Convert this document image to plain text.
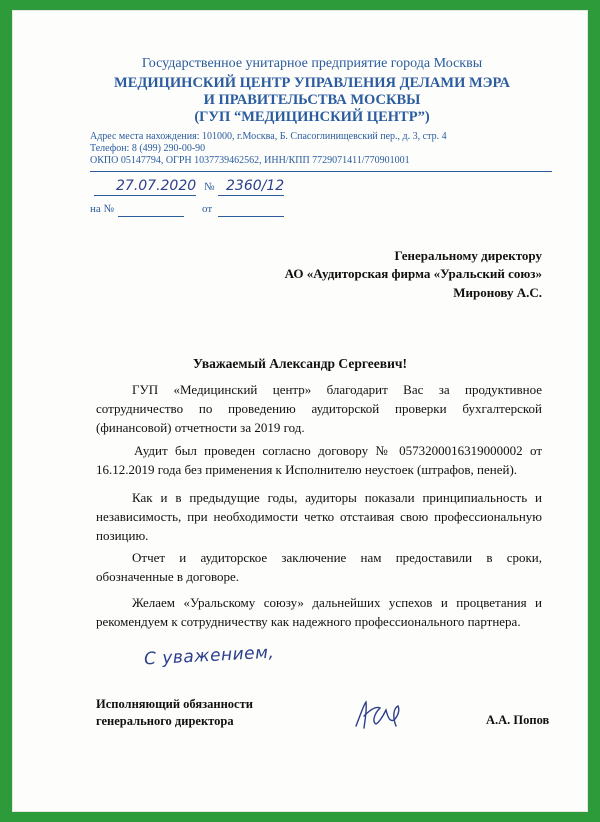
Государственное унитарное предприятие города Москвы
МЕДИЦИНСКИЙ ЦЕНТР УПРАВЛЕНИЯ ДЕЛАМИ МЭРА
И ПРАВИТЕЛЬСТВА МОСКВЫ
(ГУП “МЕДИЦИНСКИЙ ЦЕНТР”)
Адрес места нахождения: 101000, г.Москва, Б. Спасоглинищевский пер., д. 3, стр. 4
Телефон: 8 (499) 290-00-90
ОКПО 05147794, ОГРН 1037739462562, ИНН/КПП 7729071411/770901001
27.07.2020 № 2360/12
на №	от
Генеральному директору
АО «Аудиторская фирма «Уральский союз»
Миронову А.С.
Уважаемый Александр Сергеевич!
ГУП «Медицинский центр» благодарит Вас за продуктивное сотрудничество по проведению аудиторской проверки бухгалтерской (финансовой) отчетности за 2019 год.
Аудит был проведен согласно договору № 0573200016319000002 от 16.12.2019 года без применения к Исполнителю неустоек (штрафов, пеней).
Как и в предыдущие годы, аудиторы показали принципиальность и независимость, при необходимости четко отстаивая свою профессиональную позицию.
Отчет и аудиторское заключение нам предоставили в сроки, обозначенные в договоре.
Желаем «Уральскому союзу» дальнейших успехов и процветания и рекомендуем к сотрудничеству как надежного профессионального партнера.
С уважением,
Исполняющий обязанности
генерального директора	А.А. Попов
